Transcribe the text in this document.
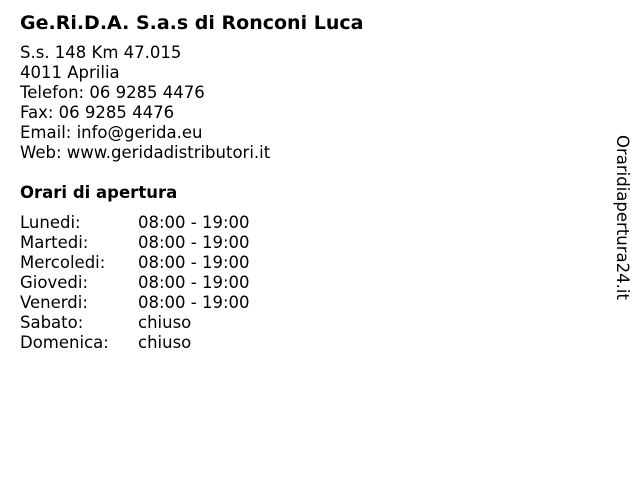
Ge.Ri.D.A. S.a.s di Ronconi Luca
S.s. 148 Km 47.015
4011 Aprilia
Telefon: 06 9285 4476
Fax: 06 9285 4476
Email: info@gerida.eu
Web: www.geridadistributori.it
Orari di apertura
Lunedi:	08:00 - 19:00
Martedi:	08:00 - 19:00
Mercoledi: 08:00 - 19:00
Giovedi:	08:00 - 19:00
Venerdi:	08:00 - 19:00
Sabato:	chiuso
Domenica: chiuso
Oraridiapertura24.it
